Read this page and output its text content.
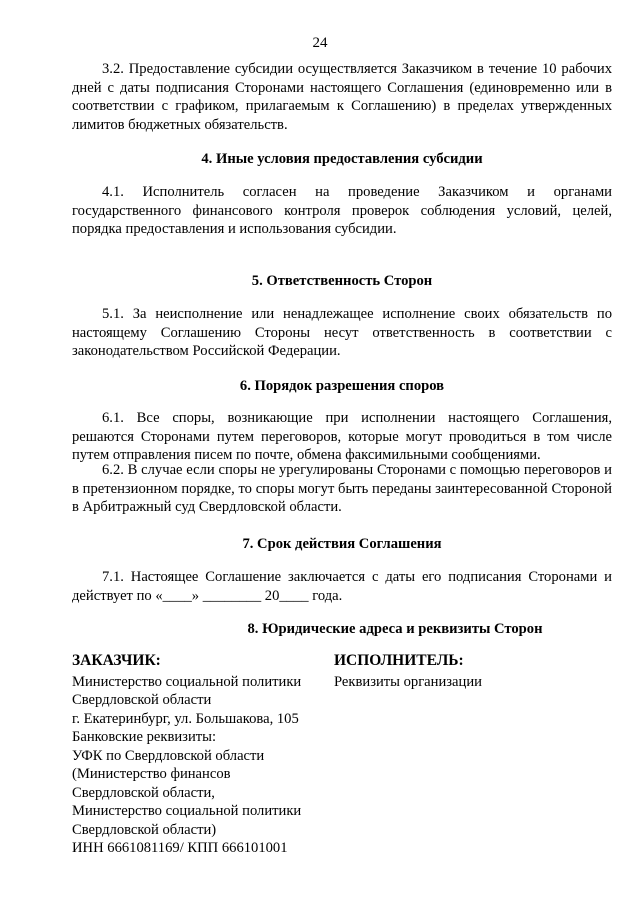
24

3.2. Предоставление субсидии осуществляется Заказчиком в течение 10 рабочих дней с даты подписания Сторонами настоящего Соглашения (единовременно или в соответствии с графиком, прилагаемым к Соглашению) в пределах утвержденных лимитов бюджетных обязательств.

4. Иные условия предоставления субсидии

4.1. Исполнитель согласен на проведение Заказчиком и органами государственного финансового контроля проверок соблюдения условий, целей, порядка предоставления и использования субсидии.

5. Ответственность Сторон

5.1. За неисполнение или ненадлежащее исполнение своих обязательств по настоящему Соглашению Стороны несут ответственность в соответствии с законодательством Российской Федерации.

6. Порядок разрешения споров

6.1. Все споры, возникающие при исполнении настоящего Соглашения, решаются Сторонами путем переговоров, которые могут проводиться в том числе путем отправления писем по почте, обмена факсимильными сообщениями.

6.2. В случае если споры не урегулированы Сторонами с помощью переговоров и в претензионном порядке, то споры могут быть переданы заинтересованной Стороной в Арбитражный суд Свердловской области.

7. Срок действия Соглашения

7.1. Настоящее Соглашение заключается с даты его подписания Сторонами и действует по «____» ________ 20____ года.

8. Юридические адреса и реквизиты Сторон
ЗАКАЗЧИК:
Министерство социальной политики
Свердловской области
г. Екатеринбург, ул. Большакова, 105
Банковские реквизиты:
УФК по Свердловской области
(Министерство финансов
Свердловской области,
Министерство социальной политики
Свердловской области)
ИНН 6661081169/ КПП 666101001
ИСПОЛНИТЕЛЬ:
Реквизиты организации
